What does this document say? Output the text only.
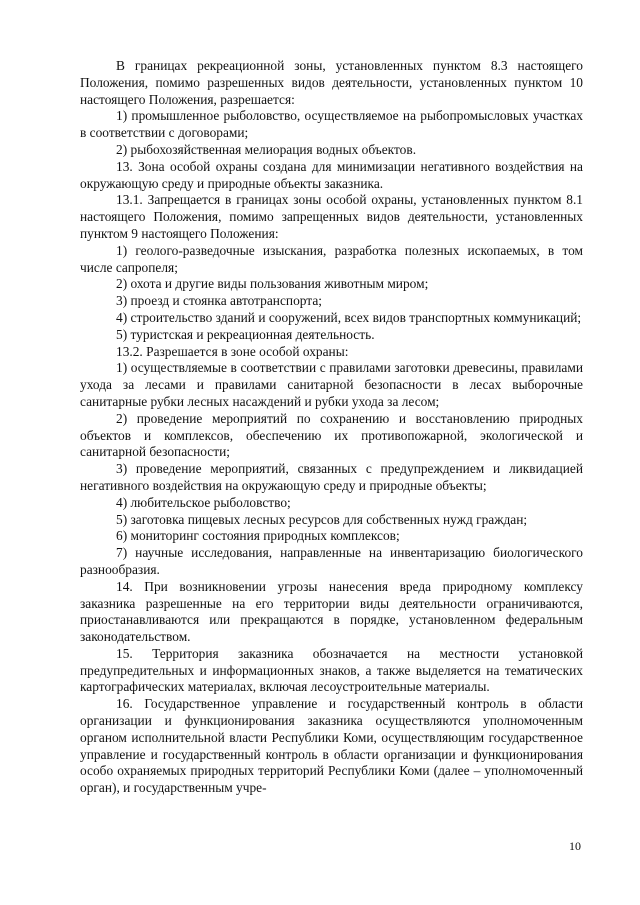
В границах рекреационной зоны, установленных пунктом 8.3 настоящего Положения, помимо разрешенных видов деятельности, установленных пунктом 10 настоящего Положения, разрешается:

1) промышленное рыболовство, осуществляемое на рыбопромысловых участках в соответствии с договорами;

2) рыбохозяйственная мелиорация водных объектов.

13. Зона особой охраны создана для минимизации негативного воздействия на окружающую среду и природные объекты заказника.

13.1. Запрещается в границах зоны особой охраны, установленных пунктом 8.1 настоящего Положения, помимо запрещенных видов деятельности, установленных пунктом 9 настоящего Положения:

1) геолого-разведочные изыскания, разработка полезных ископаемых, в том числе сапропеля;

2) охота и другие виды пользования животным миром;

3) проезд и стоянка автотранспорта;

4) строительство зданий и сооружений, всех видов транспортных коммуникаций;

5) туристская и рекреационная деятельность.

13.2. Разрешается в зоне особой охраны:

1) осуществляемые в соответствии с правилами заготовки древесины, правилами ухода за лесами и правилами санитарной безопасности в лесах выборочные санитарные рубки лесных насаждений и рубки ухода за лесом;

2) проведение мероприятий по сохранению и восстановлению природных объектов и комплексов, обеспечению их противопожарной, экологической и санитарной безопасности;

3) проведение мероприятий, связанных с предупреждением и ликвидацией негативного воздействия на окружающую среду и природные объекты;

4) любительское рыболовство;

5) заготовка пищевых лесных ресурсов для собственных нужд граждан;

6) мониторинг состояния природных комплексов;

7) научные исследования, направленные на инвентаризацию биологического разнообразия.

14. При возникновении угрозы нанесения вреда природному комплексу заказника разрешенные на его территории виды деятельности ограничиваются, приостанавливаются или прекращаются в порядке, установленном федеральным законодательством.

15. Территория заказника обозначается на местности установкой предупредительных и информационных знаков, а также выделяется на тематических картографических материалах, включая лесоустроительные материалы.

16. Государственное управление и государственный контроль в области организации и функционирования заказника осуществляются уполномоченным органом исполнительной власти Республики Коми, осуществляющим государственное управление и государственный контроль в области организации и функционирования особо охраняемых природных территорий Республики Коми (далее – уполномоченный орган), и государственным учре-

10
